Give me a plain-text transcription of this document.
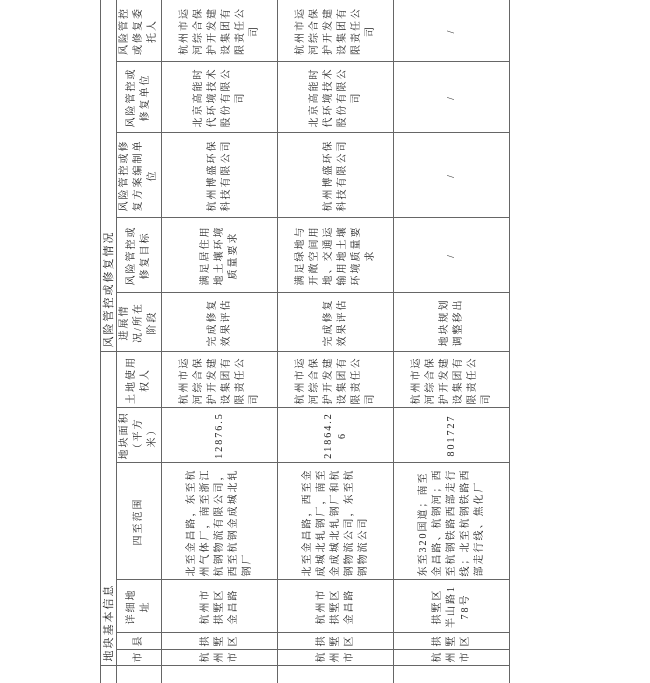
	地块基本信息						风险管控或修复情况				
	市	县	详细地址	四至范围	地块面积（平方米）	土地使用权人	进展情况/所在阶段	风险管控或修复目标	风险管控或修复方案编制单位	风险管控或修复单位	风险管控或修复委托人
	杭州市	拱墅区	杭州市拱墅区金昌路	北至金昌路，东至杭州气体厂，南至浙江杭钢物流有限公司，西至杭钢金成城北轧钢厂	12876.5	杭州市运河综合保护开发建设集团有限责任公司	完成修复效果评估	满足居住用地土壤环境质量要求	杭州博盛环保科技有限公司	北京高能时代环境技术股份有限公司	杭州市运河综合保护开发建设集团有限责任公司
	杭州市	拱墅区	杭州市拱墅区金昌路	北至金昌路，西至金成城北轧钢厂，南至金成城北轧钢厂和杭钢物流公司，东至杭钢物流公司	21864.26	杭州市运河综合保护开发建设集团有限责任公司	完成修复效果评估	满足绿地与开敞空间用地、交通运输用地土壤环境质量要求	杭州博盛环保科技有限公司	北京高能时代环境技术股份有限公司	杭州市运河综合保护开发建设集团有限责任公司
	杭州市	拱墅区	拱墅区半山路178号	东至320国道；南至金昌路、杭钢河；西至杭钢铁路西部走行线；北至杭钢铁路西部走行线、焦化厂	801727	杭州市运河综合保护开发建设集团有限责任公司	地块规划调整移出	/	/	/	/
